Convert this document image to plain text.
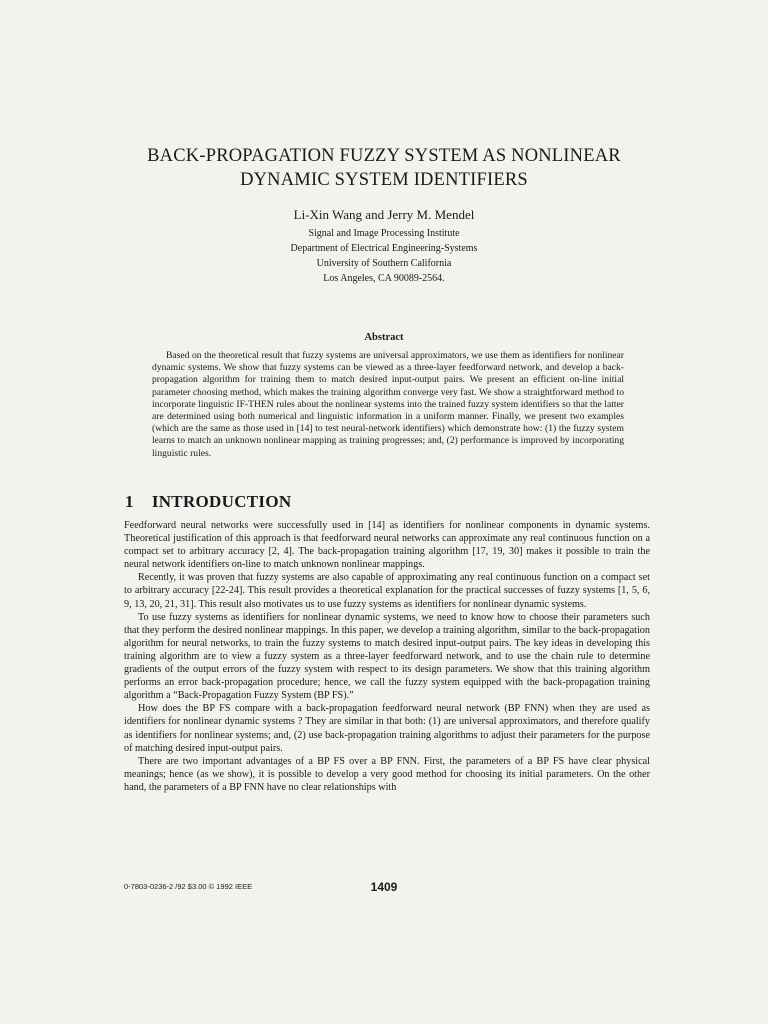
BACK-PROPAGATION FUZZY SYSTEM AS NONLINEAR
DYNAMIC SYSTEM IDENTIFIERS
Li-Xin Wang and Jerry M. Mendel
Signal and Image Processing Institute
Department of Electrical Engineering-Systems
University of Southern California
Los Angeles, CA 90089-2564.
Abstract
Based on the theoretical result that fuzzy systems are universal approximators, we use them as identifiers for nonlinear dynamic systems. We show that fuzzy systems can be viewed as a three-layer feedforward network, and develop a back-propagation algorithm for training them to match desired input-output pairs. We present an efficient on-line initial parameter choosing method, which makes the training algorithm converge very fast. We show a straightforward method to incorporate linguistic IF-THEN rules about the nonlinear systems into the trained fuzzy system identifiers so that the latter are determined using both numerical and linguistic information in a uniform manner. Finally, we present two examples (which are the same as those used in [14] to test neural-network identifiers) which demonstrate how: (1) the fuzzy system learns to match an unknown nonlinear mapping as training progresses; and, (2) performance is improved by incorporating linguistic rules.
1 INTRODUCTION

Feedforward neural networks were successfully used in [14] as identifiers for nonlinear components in dynamic systems. Theoretical justification of this approach is that feedforward neural networks can approximate any real continuous function on a compact set to arbitrary accuracy [2, 4]. The back-propagation training algorithm [17, 19, 30] makes it possible to train the neural network identifiers on-line to match unknown nonlinear mappings.

Recently, it was proven that fuzzy systems are also capable of approximating any real continuous function on a compact set to arbitrary accuracy [22-24]. This result provides a theoretical explanation for the practical successes of fuzzy systems [1, 5, 6, 9, 13, 20, 21, 31]. This result also motivates us to use fuzzy systems as identifiers for nonlinear dynamic systems.

To use fuzzy systems as identifiers for nonlinear dynamic systems, we need to know how to choose their parameters such that they perform the desired nonlinear mappings. In this paper, we develop a training algorithm, similar to the back-propagation algorithm for neural networks, to train the fuzzy systems to match desired input-output pairs. The key ideas in developing this training algorithm are to view a fuzzy system as a three-layer feedforward network, and to use the chain rule to determine gradients of the output errors of the fuzzy system with respect to its design parameters. We show that this training algorithm performs an error back-propagation procedure; hence, we call the fuzzy system equipped with the back-propagation training algorithm a “Back-Propagation Fuzzy System (BP FS).”

How does the BP FS compare with a back-propagation feedforward neural network (BP FNN) when they are used as identifiers for nonlinear dynamic systems ? They are similar in that both: (1) are universal approximators, and therefore qualify as identifiers for nonlinear systems; and, (2) use back-propagation training algorithms to adjust their parameters for the purpose of matching desired input-output pairs.

There are two important advantages of a BP FS over a BP FNN. First, the parameters of a BP FS have clear physical meanings; hence (as we show), it is possible to develop a very good method for choosing its initial parameters. On the other hand, the parameters of a BP FNN have no clear relationships with

0-7803-0236-2 /92 $3.00 © 1992 IEEE	1409
